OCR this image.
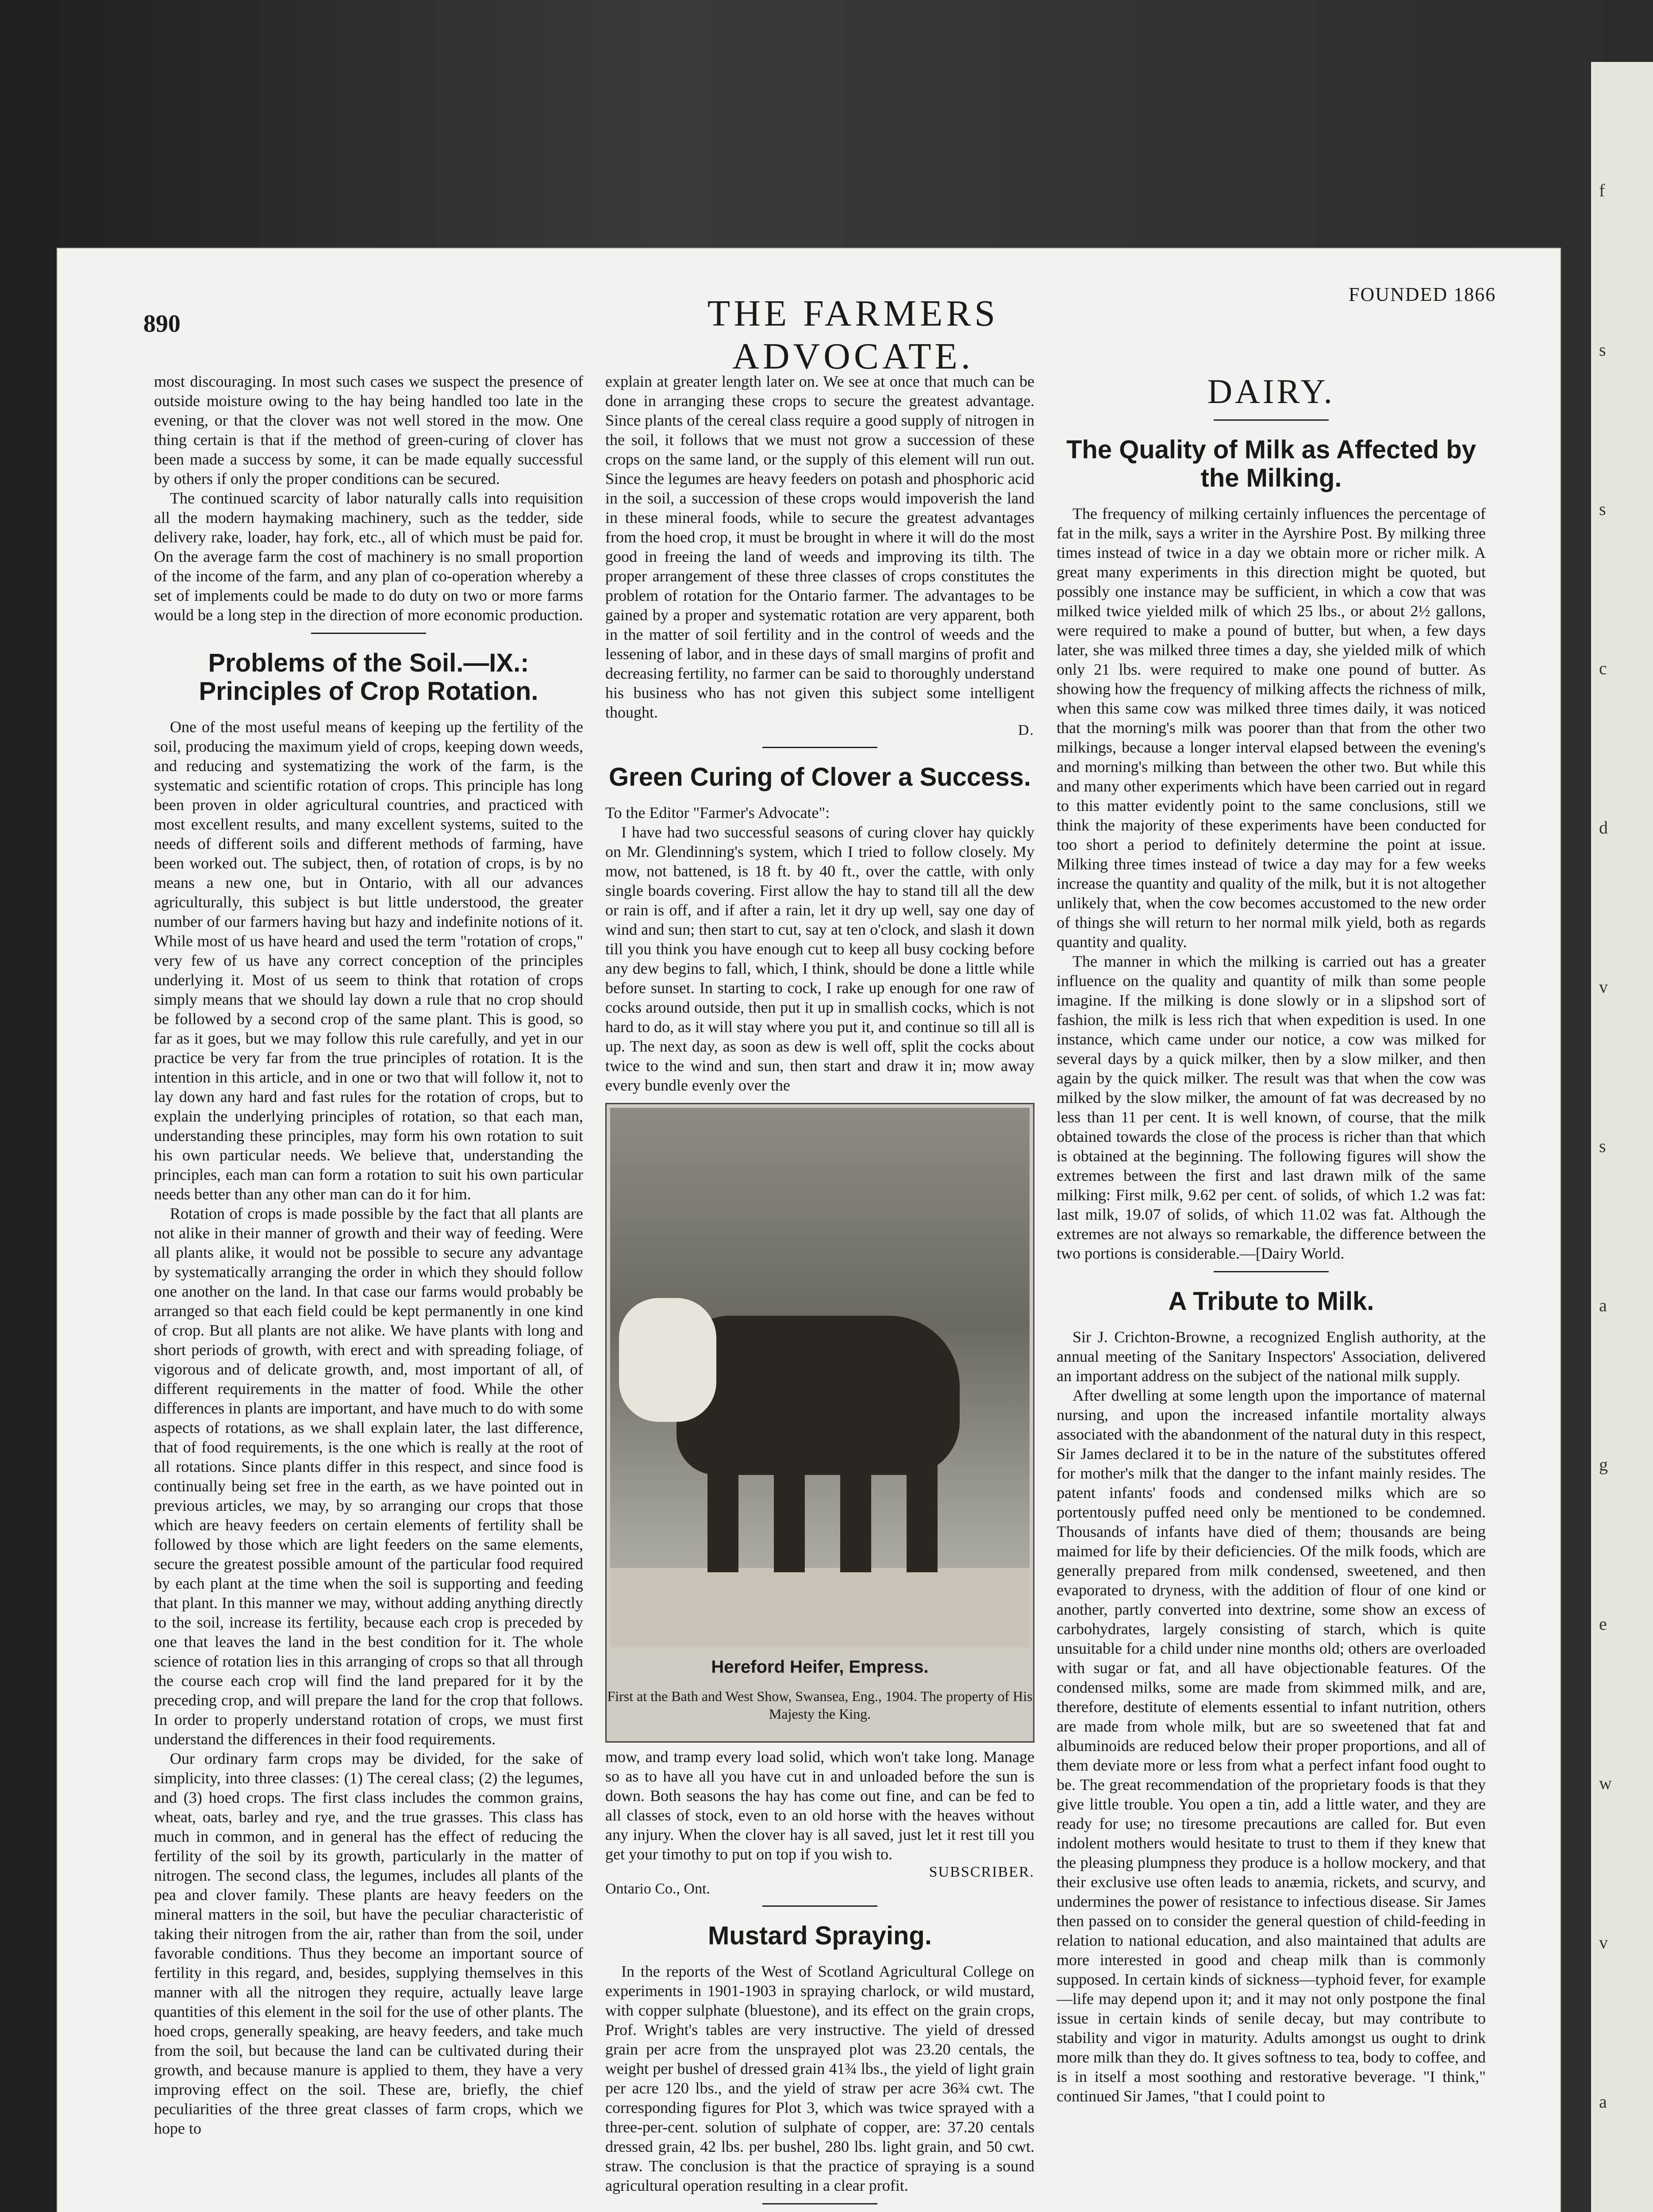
f
s
s
c
d
v
s
a
g
e
w
v
a
890	THE FARMERS ADVOCATE.
FOUNDED 1866

most discouraging. In most such cases we suspect the presence of outside moisture owing to the hay being handled too late in the evening, or that the clover was not well stored in the mow. One thing certain is that if the method of green-curing of clover has been made a success by some, it can be made equally successful by others if only the proper conditions can be secured.

The continued scarcity of labor naturally calls into requisition all the modern haymaking machinery, such as the tedder, side delivery rake, loader, hay fork, etc., all of which must be paid for. On the average farm the cost of machinery is no small proportion of the income of the farm, and any plan of co-operation whereby a set of implements could be made to do duty on two or more farms would be a long step in the direction of more economic production.

Problems of the Soil.—IX.: Principles of Crop Rotation.

One of the most useful means of keeping up the fertility of the soil, producing the maximum yield of crops, keeping down weeds, and reducing and systematizing the work of the farm, is the systematic and scientific rotation of crops. This principle has long been proven in older agricultural countries, and practiced with most excellent results, and many excellent systems, suited to the needs of different soils and different methods of farming, have been worked out. The subject, then, of rotation of crops, is by no means a new one, but in Ontario, with all our advances agriculturally, this subject is but little understood, the greater number of our farmers having but hazy and indefinite notions of it. While most of us have heard and used the term "rotation of crops," very few of us have any correct conception of the principles underlying it. Most of us seem to think that rotation of crops simply means that we should lay down a rule that no crop should be followed by a second crop of the same plant. This is good, so far as it goes, but we may follow this rule carefully, and yet in our practice be very far from the true principles of rotation. It is the intention in this article, and in one or two that will follow it, not to lay down any hard and fast rules for the rotation of crops, but to explain the underlying principles of rotation, so that each man, understanding these principles, may form his own rotation to suit his own particular needs. We believe that, understanding the principles, each man can form a rotation to suit his own particular needs better than any other man can do it for him.

Rotation of crops is made possible by the fact that all plants are not alike in their manner of growth and their way of feeding. Were all plants alike, it would not be possible to secure any advantage by systematically arranging the order in which they should follow one another on the land. In that case our farms would probably be arranged so that each field could be kept permanently in one kind of crop. But all plants are not alike. We have plants with long and short periods of growth, with erect and with spreading foliage, of vigorous and of delicate growth, and, most important of all, of different requirements in the matter of food. While the other differences in plants are important, and have much to do with some aspects of rotations, as we shall explain later, the last difference, that of food requirements, is the one which is really at the root of all rotations. Since plants differ in this respect, and since food is continually being set free in the earth, as we have pointed out in previous articles, we may, by so arranging our crops that those which are heavy feeders on certain elements of fertility shall be followed by those which are light feeders on the same elements, secure the greatest possible amount of the particular food required by each plant at the time when the soil is supporting and feeding that plant. In this manner we may, without adding anything directly to the soil, increase its fertility, because each crop is preceded by one that leaves the land in the best condition for it. The whole science of rotation lies in this arranging of crops so that all through the course each crop will find the land prepared for it by the preceding crop, and will prepare the land for the crop that follows. In order to properly understand rotation of crops, we must first understand the differences in their food requirements.

Our ordinary farm crops may be divided, for the sake of simplicity, into three classes: (1) The cereal class; (2) the legumes, and (3) hoed crops. The first class includes the common grains, wheat, oats, barley and rye, and the true grasses. This class has much in common, and in general has the effect of reducing the fertility of the soil by its growth, particularly in the matter of nitrogen. The second class, the legumes, includes all plants of the pea and clover family. These plants are heavy feeders on the mineral matters in the soil, but have the peculiar characteristic of taking their nitrogen from the air, rather than from the soil, under favorable conditions. Thus they become an important source of fertility in this regard, and, besides, supplying themselves in this manner with all the nitrogen they require, actually leave large quantities of this element in the soil for the use of other plants. The hoed crops, generally speaking, are heavy feeders, and take much from the soil, but because the land can be cultivated during their growth, and because manure is applied to them, they have a very improving effect on the soil. These are, briefly, the chief peculiarities of the three great classes of farm crops, which we hope to

explain at greater length later on. We see at once that much can be done in arranging these crops to secure the greatest advantage. Since plants of the cereal class require a good supply of nitrogen in the soil, it follows that we must not grow a succession of these crops on the same land, or the supply of this element will run out. Since the legumes are heavy feeders on potash and phosphoric acid in the soil, a succession of these crops would impoverish the land in these mineral foods, while to secure the greatest advantages from the hoed crop, it must be brought in where it will do the most good in freeing the land of weeds and improving its tilth. The proper arrangement of these three classes of crops constitutes the problem of rotation for the Ontario farmer. The advantages to be gained by a proper and systematic rotation are very apparent, both in the matter of soil fertility and in the control of weeds and the lessening of labor, and in these days of small margins of profit and decreasing fertility, no farmer can be said to thoroughly understand his business who has not given this subject some intelligent thought.

D.

Green Curing of Clover a Success.

To the Editor "Farmer's Advocate":

I have had two successful seasons of curing clover hay quickly on Mr. Glendinning's system, which I tried to follow closely. My mow, not battened, is 18 ft. by 40 ft., over the cattle, with only single boards covering. First allow the hay to stand till all the dew or rain is off, and if after a rain, let it dry up well, say one day of wind and sun; then start to cut, say at ten o'clock, and slash it down till you think you have enough cut to keep all busy cocking before any dew begins to fall, which, I think, should be done a little while before sunset. In starting to cock, I rake up enough for one raw of cocks around outside, then put it up in smallish cocks, which is not hard to do, as it will stay where you put it, and continue so till all is up. The next day, as soon as dew is well off, split the cocks about twice to the wind and sun, then start and draw it in; mow away every bundle evenly over the

Hereford Heifer, Empress.
First at the Bath and West Show, Swansea, Eng., 1904. The property of His Majesty the King.

mow, and tramp every load solid, which won't take long. Manage so as to have all you have cut in and unloaded before the sun is down. Both seasons the hay has come out fine, and can be fed to all classes of stock, even to an old horse with the heaves without any injury. When the clover hay is all saved, just let it rest till you get your timothy to put on top if you wish to.

SUBSCRIBER.

Ontario Co., Ont.

Mustard Spraying.

In the reports of the West of Scotland Agricultural College on experiments in 1901-1903 in spraying charlock, or wild mustard, with copper sulphate (bluestone), and its effect on the grain crops, Prof. Wright's tables are very instructive. The yield of dressed grain per acre from the unsprayed plot was 23.20 centals, the weight per bushel of dressed grain 41¾ lbs., the yield of light grain per acre 120 lbs., and the yield of straw per acre 36¾ cwt. The corresponding figures for Plot 3, which was twice sprayed with a three-per-cent. solution of sulphate of copper, are: 37.20 centals dressed grain, 42 lbs. per bushel, 280 lbs. light grain, and 50 cwt. straw. The conclusion is that the practice of spraying is a sound agricultural operation resulting in a clear profit.

DAIRY.

The Quality of Milk as Affected by the Milking.

The frequency of milking certainly influences the percentage of fat in the milk, says a writer in the Ayrshire Post. By milking three times instead of twice in a day we obtain more or richer milk. A great many experiments in this direction might be quoted, but possibly one instance may be sufficient, in which a cow that was milked twice yielded milk of which 25 lbs., or about 2½ gallons, were required to make a pound of butter, but when, a few days later, she was milked three times a day, she yielded milk of which only 21 lbs. were required to make one pound of butter. As showing how the frequency of milking affects the richness of milk, when this same cow was milked three times daily, it was noticed that the morning's milk was poorer than that from the other two milkings, because a longer interval elapsed between the evening's and morning's milking than between the other two. But while this and many other experiments which have been carried out in regard to this matter evidently point to the same conclusions, still we think the majority of these experiments have been conducted for too short a period to definitely determine the point at issue. Milking three times instead of twice a day may for a few weeks increase the quantity and quality of the milk, but it is not altogether unlikely that, when the cow becomes accustomed to the new order of things she will return to her normal milk yield, both as regards quantity and quality.

The manner in which the milking is carried out has a greater influence on the quality and quantity of milk than some people imagine. If the milking is done slowly or in a slipshod sort of fashion, the milk is less rich that when expedition is used. In one instance, which came under our notice, a cow was milked for several days by a quick milker, then by a slow milker, and then again by the quick milker. The result was that when the cow was milked by the slow milker, the amount of fat was decreased by no less than 11 per cent. It is well known, of course, that the milk obtained towards the close of the process is richer than that which is obtained at the beginning. The following figures will show the extremes between the first and last drawn milk of the same milking: First milk, 9.62 per cent. of solids, of which 1.2 was fat: last milk, 19.07 of solids, of which 11.02 was fat. Although the extremes are not always so remarkable, the difference between the two portions is considerable.—[Dairy World.

A Tribute to Milk.

Sir J. Crichton-Browne, a recognized English authority, at the annual meeting of the Sanitary Inspectors' Association, delivered an important address on the subject of the national milk supply.

After dwelling at some length upon the importance of maternal nursing, and upon the increased infantile mortality always associated with the abandonment of the natural duty in this respect, Sir James declared it to be in the nature of the substitutes offered for mother's milk that the danger to the infant mainly resides. The patent infants' foods and condensed milks which are so portentously puffed need only be mentioned to be condemned. Thousands of infants have died of them; thousands are being maimed for life by their deficiencies. Of the milk foods, which are generally prepared from milk condensed, sweetened, and then evaporated to dryness, with the addition of flour of one kind or another, partly converted into dextrine, some show an excess of carbohydrates, largely consisting of starch, which is quite unsuitable for a child under nine months old; others are overloaded with sugar or fat, and all have objectionable features. Of the condensed milks, some are made from skimmed milk, and are, therefore, destitute of elements essential to infant nutrition, others are made from whole milk, but are so sweetened that fat and albuminoids are reduced below their proper proportions, and all of them deviate more or less from what a perfect infant food ought to be. The great recommendation of the proprietary foods is that they give little trouble. You open a tin, add a little water, and they are ready for use; no tiresome precautions are called for. But even indolent mothers would hesitate to trust to them if they knew that the pleasing plumpness they produce is a hollow mockery, and that their exclusive use often leads to anæmia, rickets, and scurvy, and undermines the power of resistance to infectious disease. Sir James then passed on to consider the general question of child-feeding in relation to national education, and also maintained that adults are more interested in good and cheap milk than is commonly supposed. In certain kinds of sickness—typhoid fever, for example—life may depend upon it; and it may not only postpone the final issue in certain kinds of senile decay, but may contribute to stability and vigor in maturity. Adults amongst us ought to drink more milk than they do. It gives softness to tea, body to coffee, and is in itself a most soothing and restorative beverage. "I think," continued Sir James, "that I could point to
